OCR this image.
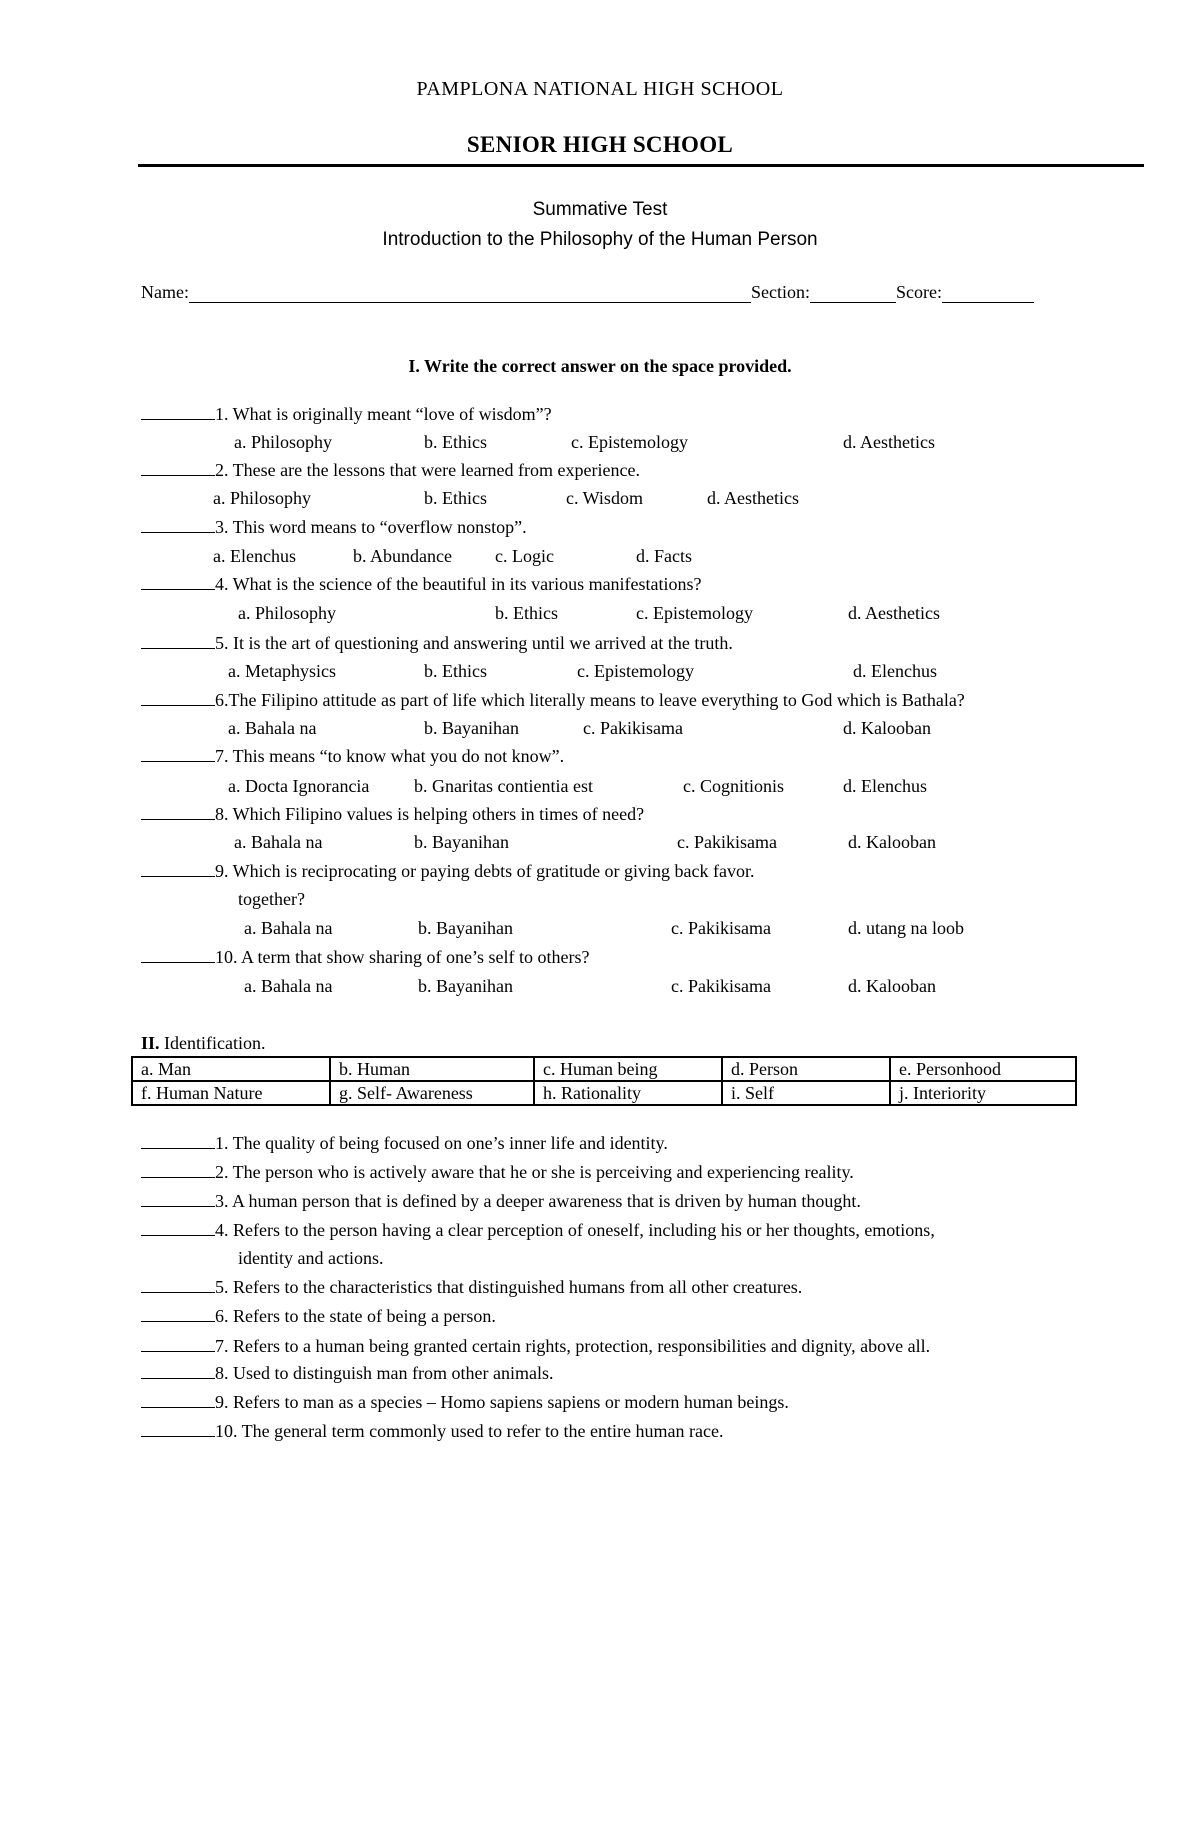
PAMPLONA NATIONAL HIGH SCHOOL
SENIOR HIGH SCHOOL
Summative Test
Introduction to the Philosophy of the Human Person
Name:	Section:	Score:
I. Write the correct answer on the space provided.
1. What is originally meant “love of wisdom”?
a. Philosophy	b. Ethics	c. Epistemology	d. Aesthetics
2. These are the lessons that were learned from experience.
a. Philosophy	b. Ethics	c. Wisdom	d. Aesthetics
3. This word means to “overflow nonstop”.
a. Elenchus	b. Abundance c. Logic	d. Facts
4. What is the science of the beautiful in its various manifestations?
a. Philosophy	b. Ethics	c. Epistemology	d. Aesthetics
5. It is the art of questioning and answering until we arrived at the truth.
a. Metaphysics	b. Ethics	c. Epistemology	d. Elenchus
6.The Filipino attitude as part of life which literally means to leave everything to God which is Bathala?
a. Bahala na	b. Bayanihan	c. Pakikisama	d. Kalooban
7. This means “to know what you do not know”.
a. Docta Ignorancia b. Gnaritas contientia est	c. Cognitionis	d. Elenchus
8. Which Filipino values is helping others in times of need?
a. Bahala na	b. Bayanihan	c. Pakikisama	d. Kalooban
9. Which is reciprocating or paying debts of gratitude or giving back favor.
together?
a. Bahala na	b. Bayanihan	c. Pakikisama	d. utang na loob
10. A term that show sharing of one’s self to others?
a. Bahala na	b. Bayanihan	c. Pakikisama	d. Kalooban
II. Identification.
a. Man	b. Human	c. Human being	d. Person	e. Personhood
f. Human Nature	g. Self- Awareness	h. Rationality	i. Self	j. Interiority
1. The quality of being focused on one’s inner life and identity.
2. The person who is actively aware that he or she is perceiving and experiencing reality.
3. A human person that is defined by a deeper awareness that is driven by human thought.
4. Refers to the person having a clear perception of oneself, including his or her thoughts, emotions,
identity and actions.
5. Refers to the characteristics that distinguished humans from all other creatures.
6. Refers to the state of being a person.
7. Refers to a human being granted certain rights, protection, responsibilities and dignity, above all.
8. Used to distinguish man from other animals.
9. Refers to man as a species – Homo sapiens sapiens or modern human beings.
10. The general term commonly used to refer to the entire human race.
